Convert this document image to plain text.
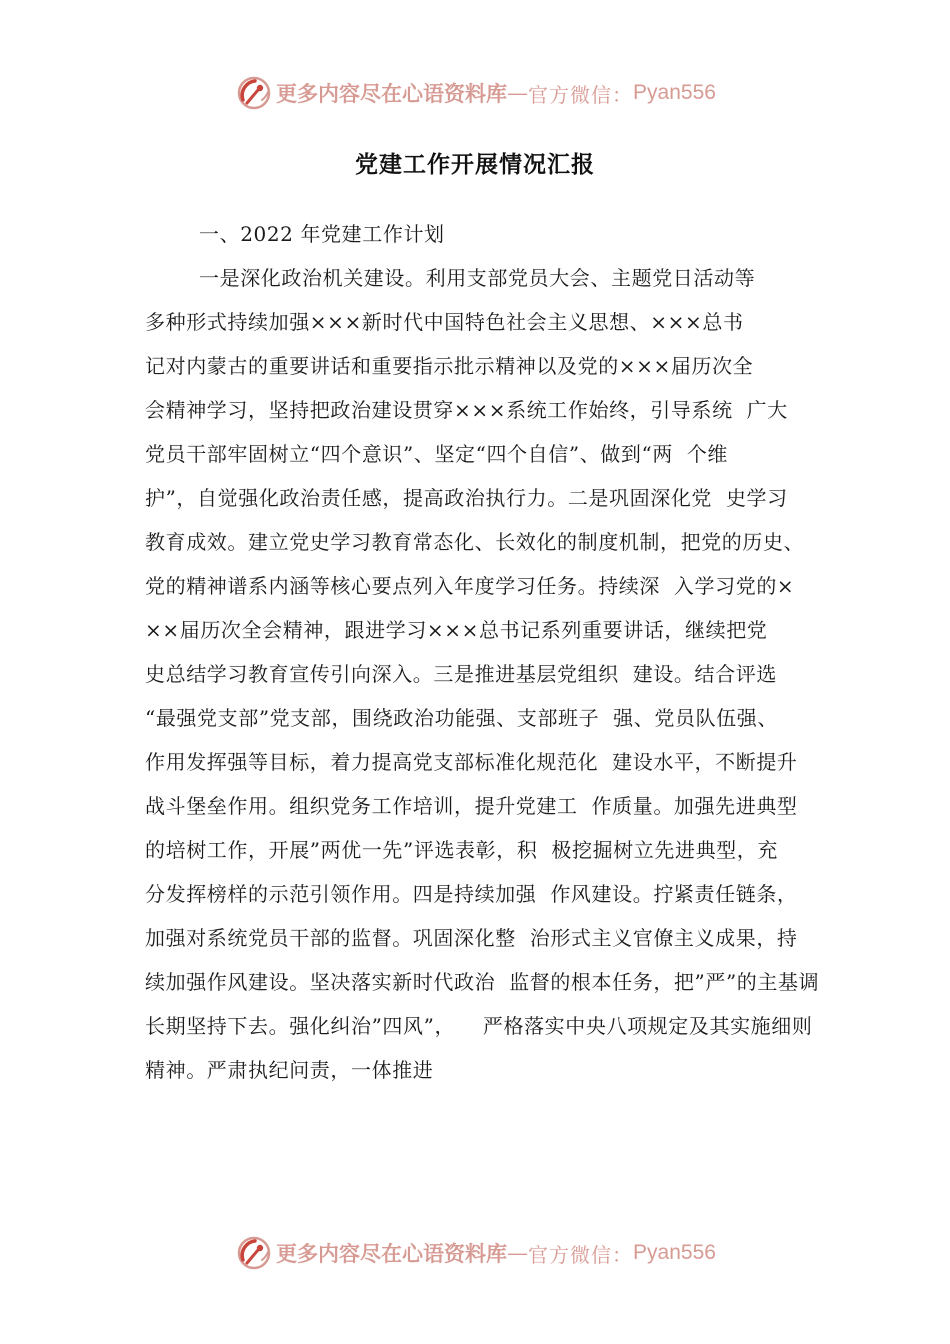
更多内容尽在心语资料库 — 官方微信： Pyan556
党建工作开展情况汇报
一、2022 年党建工作计划
一是深化政治机关建设。利用支部党员大会、主题党日活动等
多种形式持续加强×××新时代中国特色社会主义思想、×××总书
记对内蒙古的重要讲话和重要指示批示精神以及党的×××届历次全
会精神学习，坚持把政治建设贯穿×××系统工作始终，引导系统  广大
党员干部牢固树立“四个意识”、坚定“四个自信”、做到“两  个维
护”，自觉强化政治责任感，提高政治执行力。二是巩固深化党  史学习
教育成效。建立党史学习教育常态化、长效化的制度机制，把党的历史、
党的精神谱系内涵等核心要点列入年度学习任务。持续深  入学习党的×
××届历次全会精神，跟进学习×××总书记系列重要讲话，继续把党
史总结学习教育宣传引向深入。三是推进基层党组织  建设。结合评选
“最强党支部”党支部，围绕政治功能强、支部班子  强、党员队伍强、
作用发挥强等目标，着力提高党支部标准化规范化  建设水平，不断提升
战斗堡垒作用。组织党务工作培训，提升党建工  作质量。加强先进典型
的培树工作，开展”两优一先”评选表彰，积  极挖掘树立先进典型，充
分发挥榜样的示范引领作用。四是持续加强  作风建设。拧紧责任链条，
加强对系统党员干部的监督。巩固深化整  治形式主义官僚主义成果，持
续加强作风建设。坚决落实新时代政治  监督的根本任务，把”严”的主基调
长期坚持下去。强化纠治”四风”，    严格落实中央八项规定及其实施细则
精神。严肃执纪问责，一体推进
更多内容尽在心语资料库 — 官方微信： Pyan556
